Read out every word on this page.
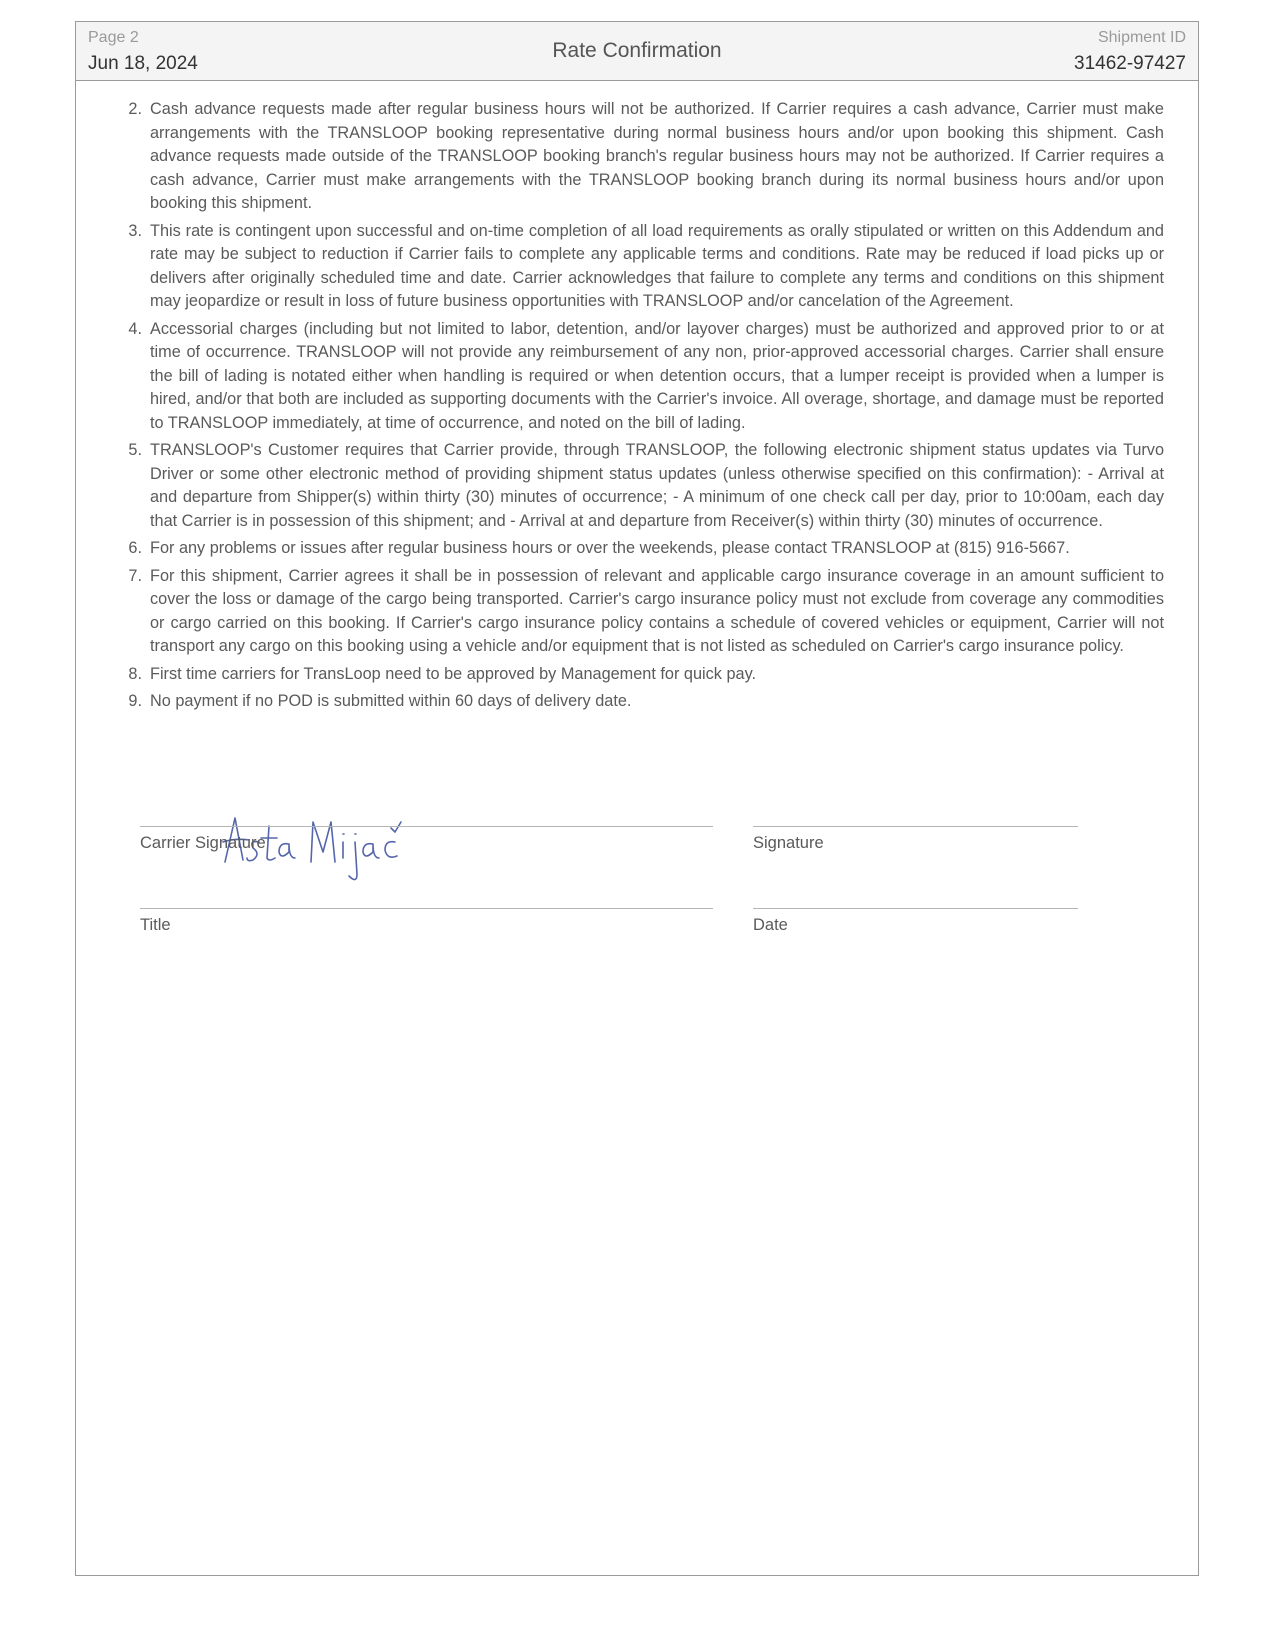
Page 2
Jun 18, 2024
Rate Confirmation
Shipment ID
31462-97427
2. Cash advance requests made after regular business hours will not be authorized. If Carrier requires a cash advance, Carrier must make arrangements with the TRANSLOOP booking representative during normal business hours and/or upon booking this shipment. Cash advance requests made outside of the TRANSLOOP booking branch's regular business hours may not be authorized. If Carrier requires a cash advance, Carrier must make arrangements with the TRANSLOOP booking branch during its normal business hours and/or upon booking this shipment.
3. This rate is contingent upon successful and on-time completion of all load requirements as orally stipulated or written on this Addendum and rate may be subject to reduction if Carrier fails to complete any applicable terms and conditions. Rate may be reduced if load picks up or delivers after originally scheduled time and date. Carrier acknowledges that failure to complete any terms and conditions on this shipment may jeopardize or result in loss of future business opportunities with TRANSLOOP and/or cancelation of the Agreement.
4. Accessorial charges (including but not limited to labor, detention, and/or layover charges) must be authorized and approved prior to or at time of occurrence. TRANSLOOP will not provide any reimbursement of any non, prior-approved accessorial charges. Carrier shall ensure the bill of lading is notated either when handling is required or when detention occurs, that a lumper receipt is provided when a lumper is hired, and/or that both are included as supporting documents with the Carrier's invoice. All overage, shortage, and damage must be reported to TRANSLOOP immediately, at time of occurrence, and noted on the bill of lading.
5. TRANSLOOP's Customer requires that Carrier provide, through TRANSLOOP, the following electronic shipment status updates via Turvo Driver or some other electronic method of providing shipment status updates (unless otherwise specified on this confirmation): - Arrival at and departure from Shipper(s) within thirty (30) minutes of occurrence; - A minimum of one check call per day, prior to 10:00am, each day that Carrier is in possession of this shipment; and - Arrival at and departure from Receiver(s) within thirty (30) minutes of occurrence.
6. For any problems or issues after regular business hours or over the weekends, please contact TRANSLOOP at (815) 916-5667.
7. For this shipment, Carrier agrees it shall be in possession of relevant and applicable cargo insurance coverage in an amount sufficient to cover the loss or damage of the cargo being transported. Carrier's cargo insurance policy must not exclude from coverage any commodities or cargo carried on this booking. If Carrier's cargo insurance policy contains a schedule of covered vehicles or equipment, Carrier will not transport any cargo on this booking using a vehicle and/or equipment that is not listed as scheduled on Carrier's cargo insurance policy.
8. First time carriers for TransLoop need to be approved by Management for quick pay.
9. No payment if no POD is submitted within 60 days of delivery date.
Carrier Signature	Signature
Title	Date
